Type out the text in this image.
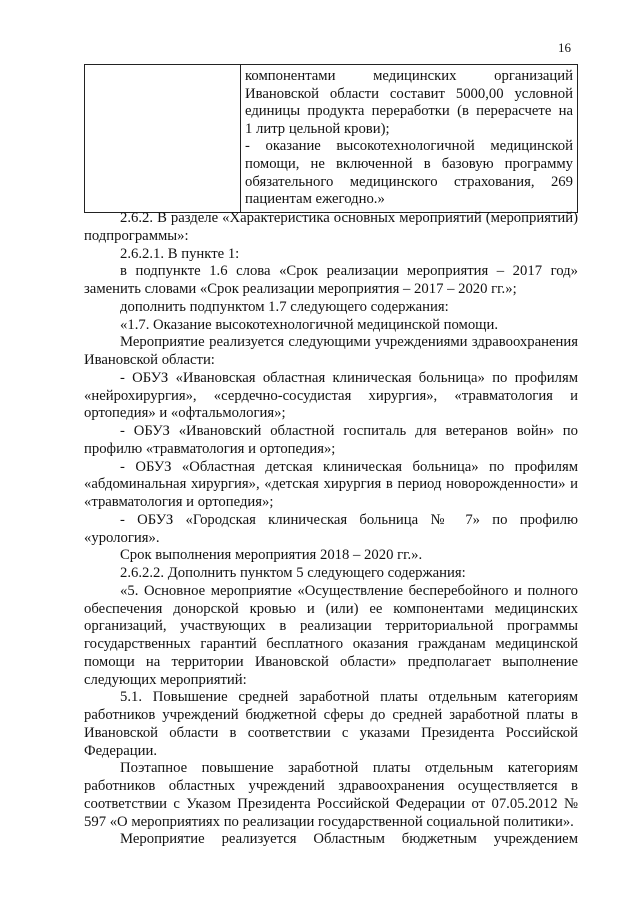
16

компонентами медицинских организаций
Ивановской области составит 5000,00 условной
единицы продукта переработки (в перерасчете на
1 литр цельной крови);
- оказание высокотехнологичной медицинской
помощи, не включенной в базовую программу
обязательного медицинского страхования, 269
пациентам ежегодно.»

2.6.2. В разделе «Характеристика основных мероприятий (мероприятий) подпрограммы»:

2.6.2.1. В пункте 1:

в подпункте 1.6 слова «Срок реализации мероприятия – 2017 год» заменить словами «Срок реализации мероприятия – 2017 – 2020 гг.»;

дополнить подпунктом 1.7 следующего содержания:

«1.7. Оказание высокотехнологичной медицинской помощи.

Мероприятие реализуется следующими учреждениями здравоохранения Ивановской области:

- ОБУЗ «Ивановская областная клиническая больница» по профилям «нейрохирургия», «сердечно-сосудистая хирургия», «травматология и ортопедия» и «офтальмология»;

- ОБУЗ «Ивановский областной госпиталь для ветеранов войн» по профилю «травматология и ортопедия»;

- ОБУЗ «Областная детская клиническая больница» по профилям «абдоминальная хирургия», «детская хирургия в период новорожденности» и «травматология и ортопедия»;

- ОБУЗ «Городская клиническая больница № 7» по профилю «урология».

Срок выполнения мероприятия 2018 – 2020 гг.».

2.6.2.2. Дополнить пунктом 5 следующего содержания:

«5. Основное мероприятие «Осуществление бесперебойного и полного обеспечения донорской кровью и (или) ее компонентами медицинских организаций, участвующих в реализации территориальной программы государственных гарантий бесплатного оказания гражданам медицинской помощи на территории Ивановской области» предполагает выполнение следующих мероприятий:

5.1. Повышение средней заработной платы отдельным категориям работников учреждений бюджетной сферы до средней заработной платы в Ивановской области в соответствии с указами Президента Российской Федерации.

Поэтапное повышение заработной платы отдельным категориям работников областных учреждений здравоохранения осуществляется в соответствии с Указом Президента Российской Федерации от 07.05.2012 № 597 «О мероприятиях по реализации государственной социальной политики».

Мероприятие реализуется Областным бюджетным учреждением
